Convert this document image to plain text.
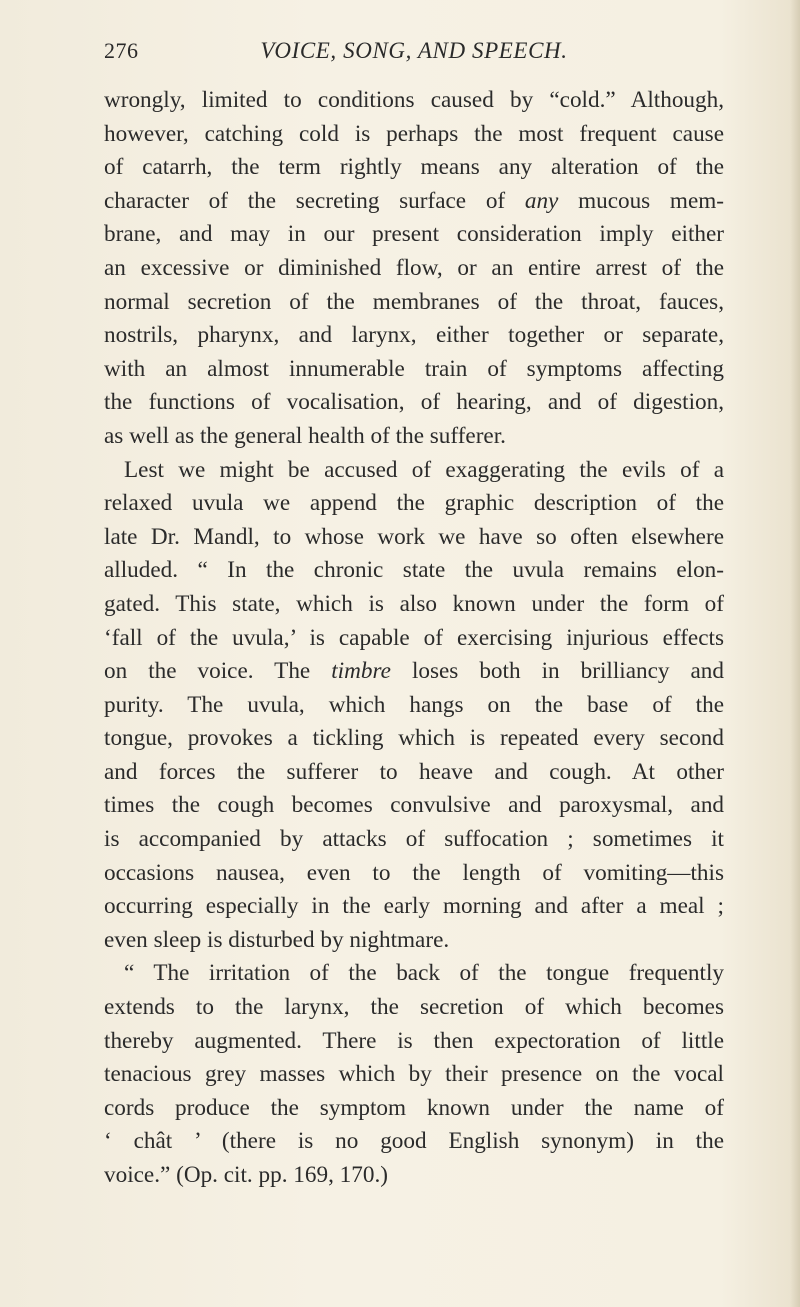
276	VOICE, SONG, AND SPEECH.
wrongly, limited to conditions caused by “cold.” Although,
however, catching cold is perhaps the most frequent cause
of catarrh, the term rightly means any alteration of the
character of the secreting surface of any mucous mem-
brane, and may in our present consideration imply either
an excessive or diminished flow, or an entire arrest of the
normal secretion of the membranes of the throat, fauces,
nostrils, pharynx, and larynx, either together or separate,
with an almost innumerable train of symptoms affecting
the functions of vocalisation, of hearing, and of digestion,
as well as the general health of the sufferer.
Lest we might be accused of exaggerating the evils of a
relaxed uvula we append the graphic description of the
late Dr. Mandl, to whose work we have so often elsewhere
alluded. “ In the chronic state the uvula remains elon-
gated. This state, which is also known under the form of
‘fall of the uvula,’ is capable of exercising injurious effects
on the voice. The timbre loses both in brilliancy and
purity. The uvula, which hangs on the base of the
tongue, provokes a tickling which is repeated every second
and forces the sufferer to heave and cough. At other
times the cough becomes convulsive and paroxysmal, and
is accompanied by attacks of suffocation ; sometimes it
occasions nausea, even to the length of vomiting—this
occurring especially in the early morning and after a meal ;
even sleep is disturbed by nightmare.
“ The irritation of the back of the tongue frequently
extends to the larynx, the secretion of which becomes
thereby augmented. There is then expectoration of little
tenacious grey masses which by their presence on the vocal
cords produce the symptom known under the name of
‘ chât ’ (there is no good English synonym) in the
voice.” (Op. cit. pp. 169, 170.)
